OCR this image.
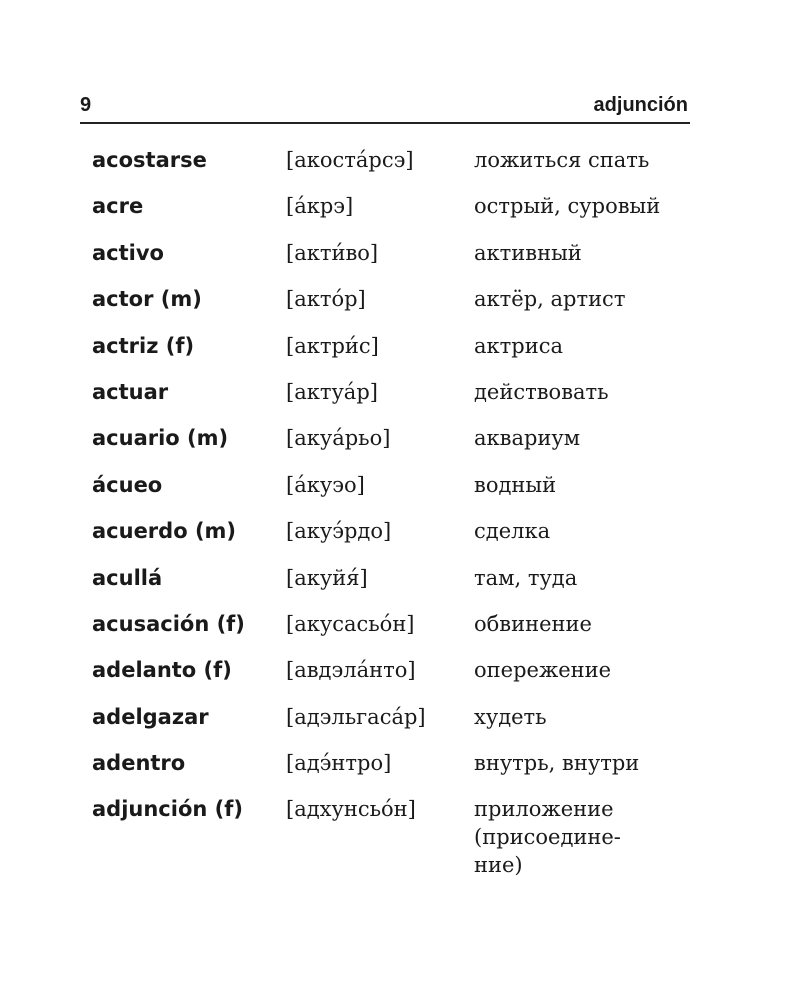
9	adjunción
acostarse	[акоста́рсэ]	ложиться спать
acre	[а́крэ]	острый, суровый
activo	[акти́во]	активный
actor (m)	[акто́р]	актёр, артист
actriz (f)	[актри́с]	актриса
actuar	[актуа́р]	действовать
acuario (m)	[акуа́рьо]	аквариум
ácueo	[а́куэо]	водный
acuerdo (m) [акуэ́рдо]	сделка
acullá	[акуйя́]	там, туда
acusación (f) [акусасьо́н]	обвинение
adelanto (f)	[авдэла́нто]	опережение
adelgazar	[адэльгаса́р] худеть
adentro	[адэ́нтро]	внутрь, внутри
adjunción (f) [адхунсьо́н]	приложение
(присоедине-
ние)
